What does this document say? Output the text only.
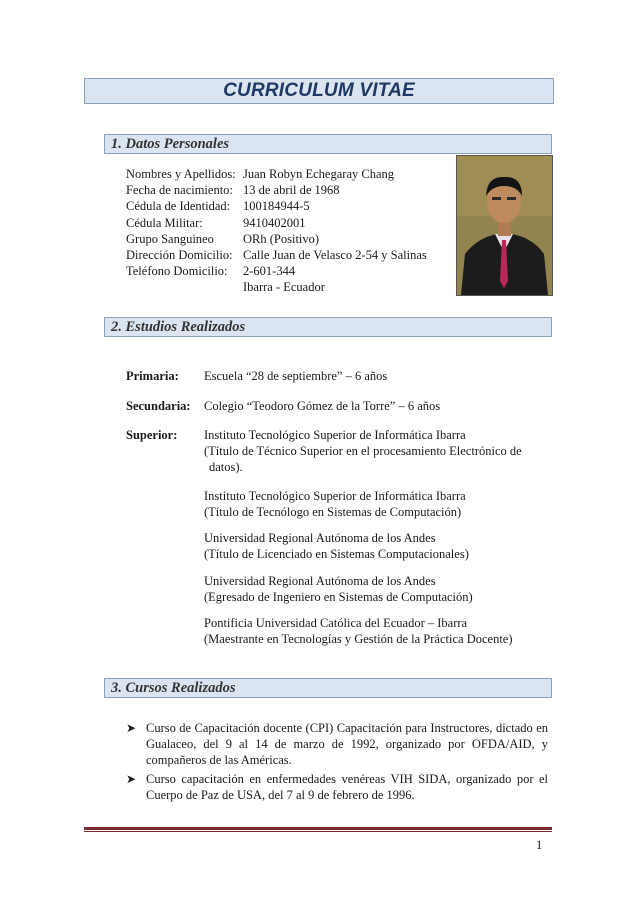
CURRICULUM VITAE
1. Datos Personales
Nombres y Apellidos: Juan Robyn Echegaray Chang
Fecha de nacimiento: 13 de abril de 1968
Cédula de Identidad:	100184944-5
Cédula Militar:	9410402001
Grupo Sanguineo	ORh (Positivo)
Dirección Domicilio: Calle Juan de Velasco 2-54 y Salinas
Teléfono Domicilio:	2-601-344
Ibarra - Ecuador
2. Estudios Realizados
Primaria: Escuela “28 de septiembre” – 6 años
Secundaria: Colegio “Teodoro Gómez de la Torre” – 6 años
Superior: Instituto Tecnológico Superior de Informática Ibarra
(Título de Técnico Superior en el procesamiento Electrónico de
datos).
Instituto Tecnológico Superior de Informática Ibarra
(Título de Tecnólogo en Sistemas de Computación)
Universidad Regional Autónoma de los Andes
(Título de Licenciado en Sistemas Computacionales)
Universidad Regional Autónoma de los Andes
(Egresado de Ingeniero en Sistemas de Computación)
Pontificia Universidad Católica del Ecuador – Ibarra
(Maestrante en Tecnologías y Gestión de la Práctica Docente)
3. Cursos Realizados
➤ Curso de Capacitación docente (CPI) Capacitación para Instructores, dictado en Gualaceo, del 9 al 14 de marzo de 1992, organizado por OFDA/AID, y compañeros de las Américas.
➤ Curso capacitación en enfermedades venéreas VIH SIDA, organizado por el Cuerpo de Paz de USA, del 7 al 9 de febrero de 1996.
1
